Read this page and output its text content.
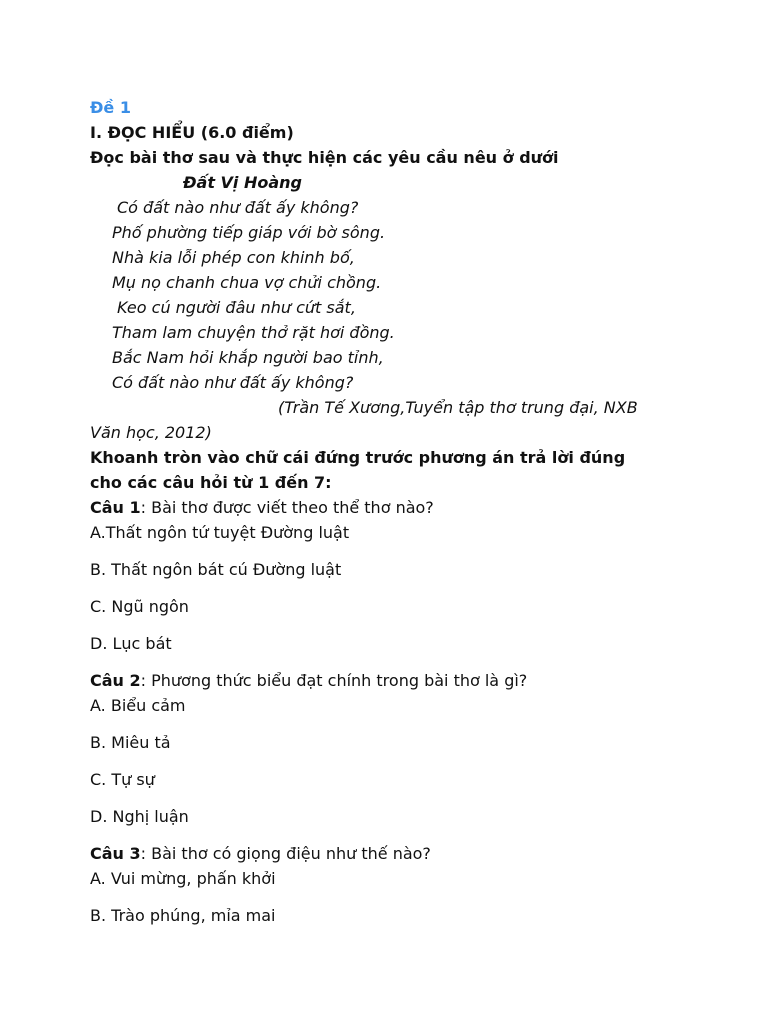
Đề 1
I. ĐỌC HIỂU (6.0 điểm)
Đọc bài thơ sau và thực hiện các yêu cầu nêu ở dưới
Đất Vị Hoàng
Có đất nào như đất ấy không?
Phố phường tiếp giáp với bờ sông.
Nhà kia lỗi phép con khinh bố,
Mụ nọ chanh chua vợ chửi chồng.
Keo cú người đâu như cứt sắt,
Tham lam chuyện thở rặt hơi đồng.
Bắc Nam hỏi khắp người bao tỉnh,
Có đất nào như đất ấy không?
(Trần Tế Xương,Tuyển tập thơ trung đại, NXB
Văn học, 2012)
Khoanh tròn vào chữ cái đứng trước phương án trả lời đúng
cho các câu hỏi từ 1 đến 7:
Câu 1: Bài thơ được viết theo thể thơ nào?
A.Thất ngôn tứ tuyệt Đường luật
B. Thất ngôn bát cú Đường luật
C. Ngũ ngôn
D. Lục bát
Câu 2: Phương thức biểu đạt chính trong bài thơ là gì?
A. Biểu cảm
B. Miêu tả
C. Tự sự
D. Nghị luận
Câu 3: Bài thơ có giọng điệu như thế nào?
A. Vui mừng, phấn khởi
B. Trào phúng, mỉa mai
